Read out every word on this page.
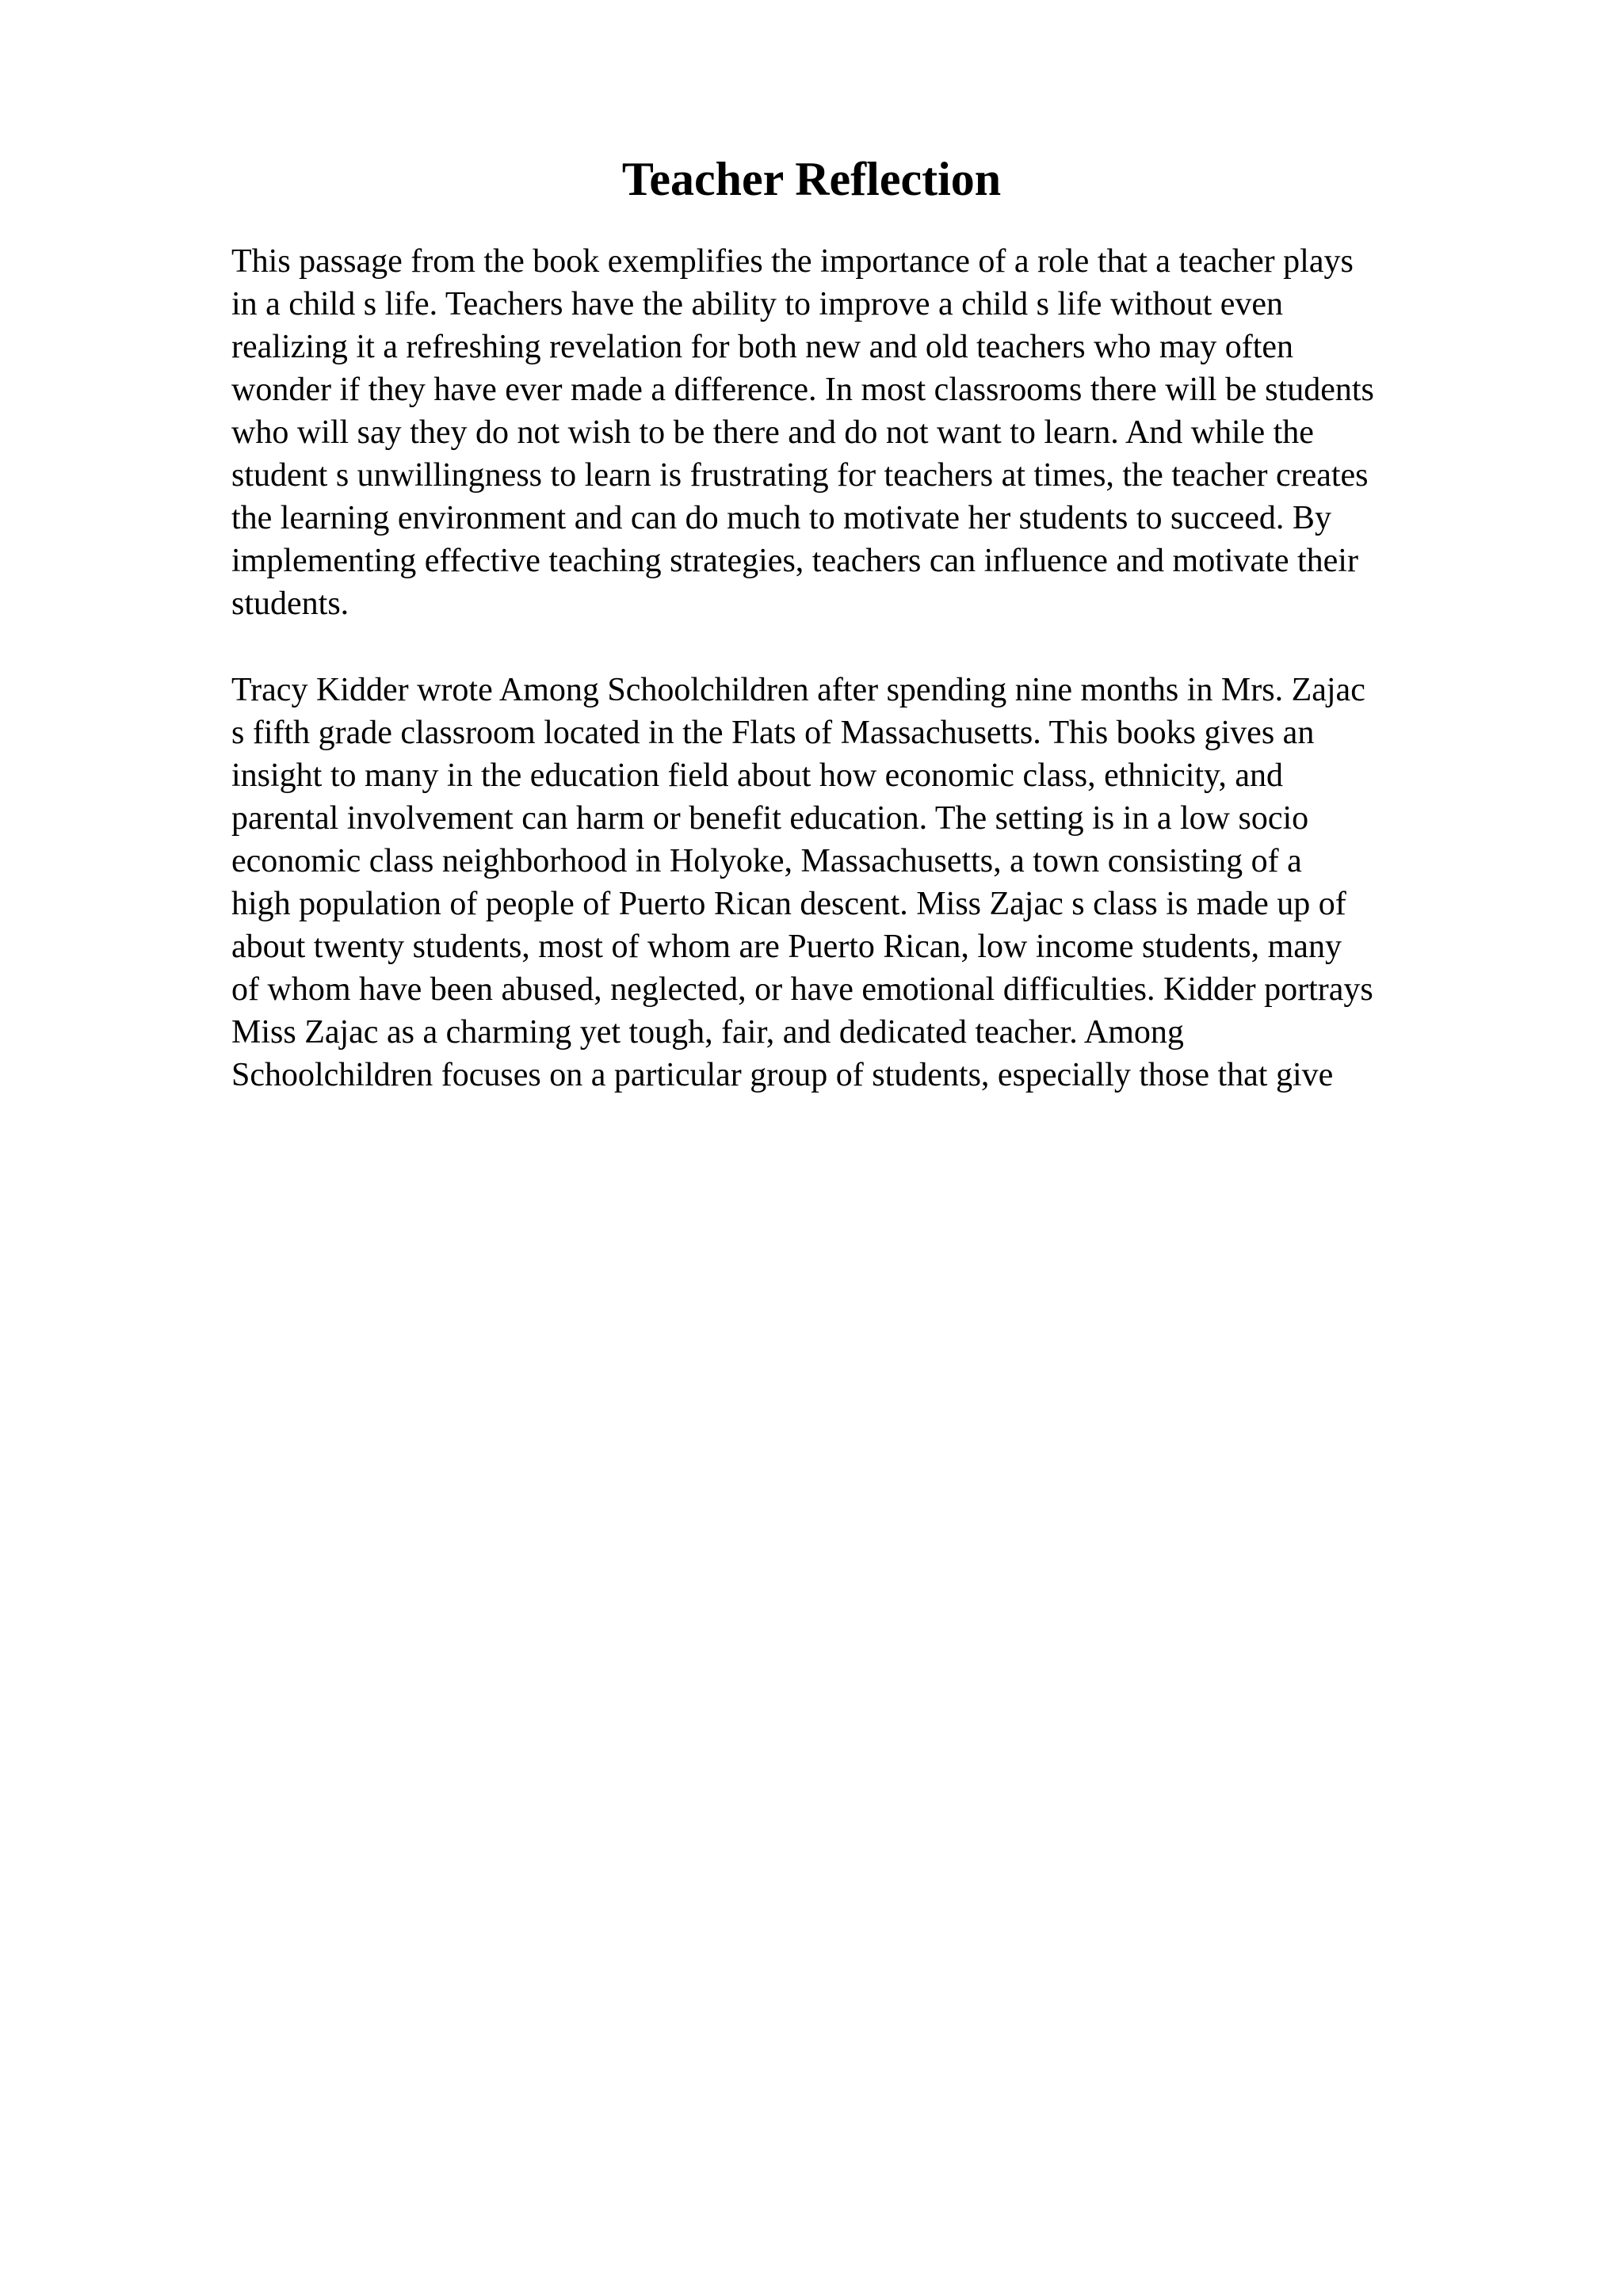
Teacher Reflection
This passage from the book exemplifies the importance of a role that a teacher plays
in a child s life. Teachers have the ability to improve a child s life without even
realizing it a refreshing revelation for both new and old teachers who may often
wonder if they have ever made a difference. In most classrooms there will be students
who will say they do not wish to be there and do not want to learn. And while the
student s unwillingness to learn is frustrating for teachers at times, the teacher creates
the learning environment and can do much to motivate her students to succeed. By
implementing effective teaching strategies, teachers can influence and motivate their
students.
Tracy Kidder wrote Among Schoolchildren after spending nine months in Mrs. Zajac
s fifth grade classroom located in the Flats of Massachusetts. This books gives an
insight to many in the education field about how economic class, ethnicity, and
parental involvement can harm or benefit education. The setting is in a low socio
economic class neighborhood in Holyoke, Massachusetts, a town consisting of a
high population of people of Puerto Rican descent. Miss Zajac s class is made up of
about twenty students, most of whom are Puerto Rican, low income students, many
of whom have been abused, neglected, or have emotional difficulties. Kidder portrays
Miss Zajac as a charming yet tough, fair, and dedicated teacher. Among
Schoolchildren focuses on a particular group of students, especially those that give
